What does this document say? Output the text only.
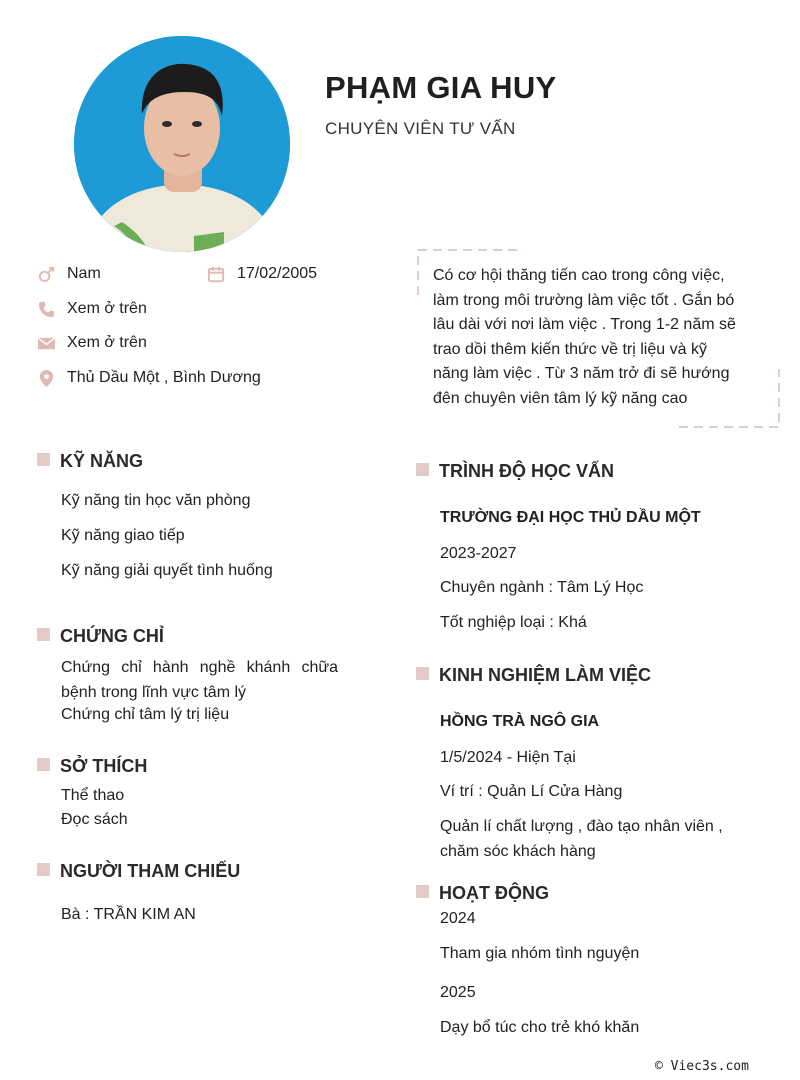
PHẠM GIA HUY
CHUYÊN VIÊN TƯ VẤN
Nam	17/02/2005
Xem ở trên
Xem ở trên
Thủ Dầu Một , Bình Dương
Có cơ hội thăng tiến cao trong công việc,
làm trong môi trường làm việc tốt . Gắn bó
lâu dài với nơi làm việc . Trong 1-2 năm sẽ
trao dồi thêm kiến thức về trị liệu và kỹ
năng làm việc . Từ 3 năm trở đi sẽ hướng
đên chuyên viên tâm lý kỹ năng cao
KỸ NĂNG
Kỹ năng tin học văn phòng
Kỹ năng giao tiếp
Kỹ năng giải quyết tình huống
CHỨNG CHỈ
Chứng chỉ hành nghề khánh chữa bệnh trong lĩnh vực tâm lý
Chứng chỉ tâm lý trị liệu
SỞ THÍCH
Thể thao
Đọc sách
NGƯỜI THAM CHIẾU
Bà : TRẦN KIM AN
TRÌNH ĐỘ HỌC VẤN
TRƯỜNG ĐẠI HỌC THỦ DẦU MỘT
2023-2027
Chuyên ngành : Tâm Lý Học
Tốt nghiệp loại : Khá
KINH NGHIỆM LÀM VIỆC
HỒNG TRÀ NGÔ GIA
1/5/2024 - Hiện Tại
Ví trí : Quản Lí Cửa Hàng
Quản lí chất lượng , đào tạo nhân viên ,
chăm sóc khách hàng
HOẠT ĐỘNG
2024
Tham gia nhóm tình nguyện
2025
Dạy bổ túc cho trẻ khó khăn
© Viec3s.com
